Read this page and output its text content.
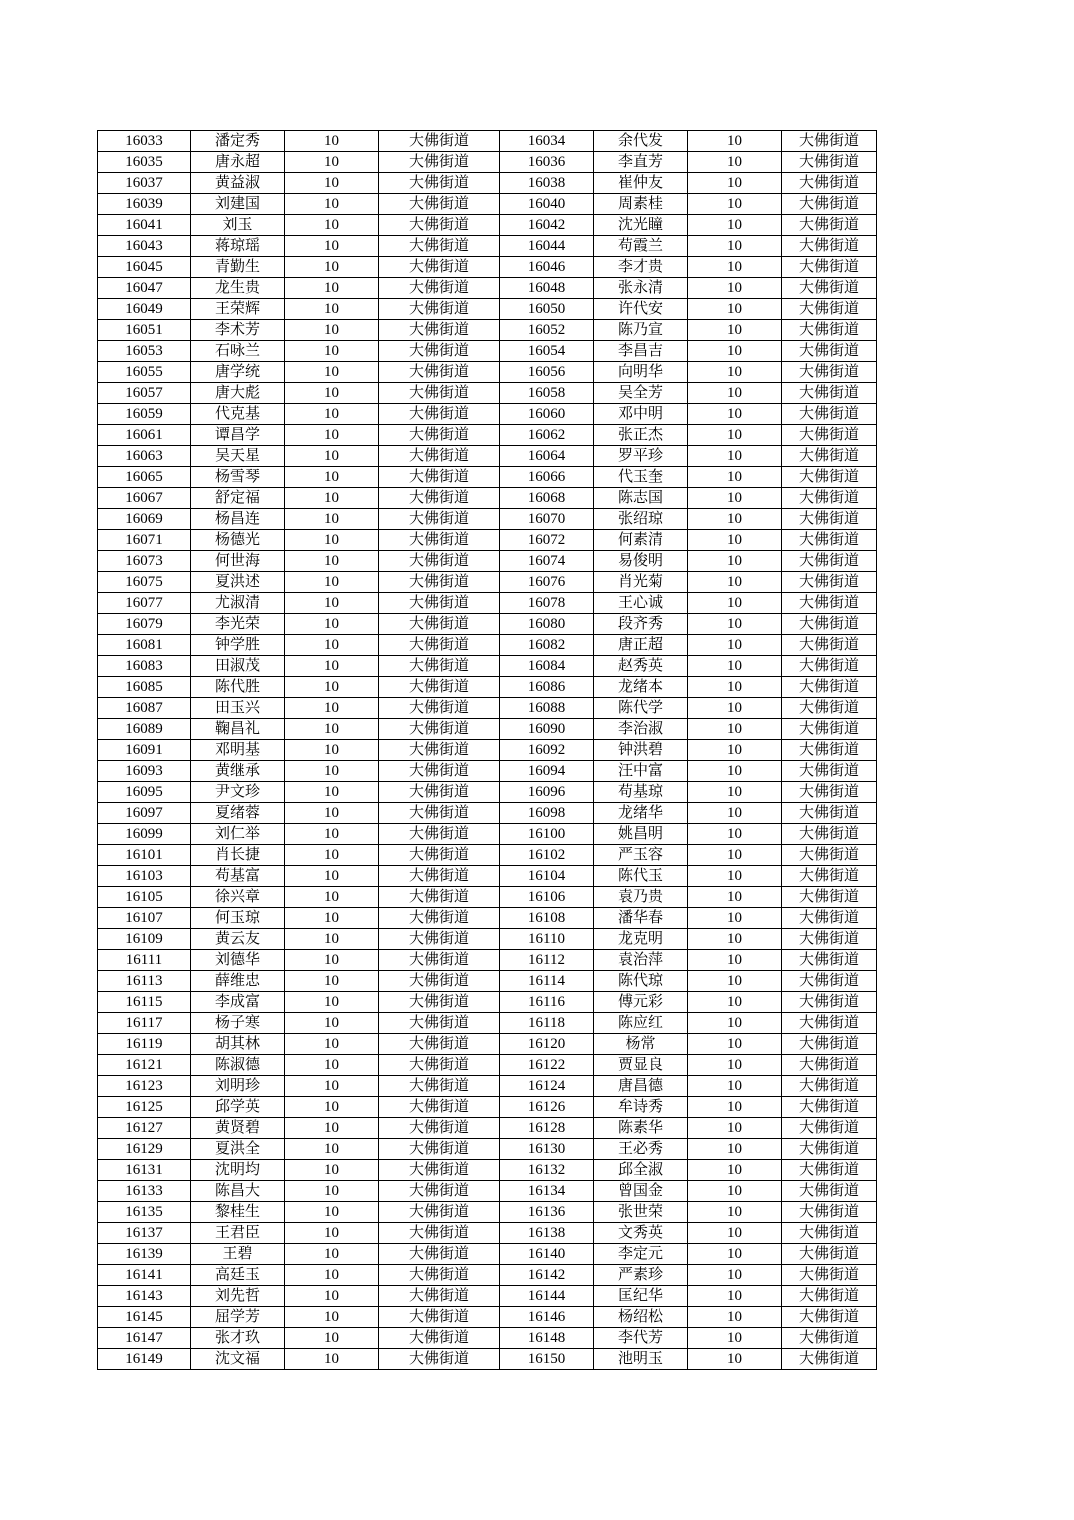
16033	潘定秀	10	大佛街道	16034	余代发	10	大佛街道
16035	唐永超	10	大佛街道	16036	李直芳	10	大佛街道
16037	黄益淑	10	大佛街道	16038	崔仲友	10	大佛街道
16039	刘建国	10	大佛街道	16040	周素桂	10	大佛街道
16041	刘玉	10	大佛街道	16042	沈光瞳	10	大佛街道
16043	蒋琼瑶	10	大佛街道	16044	苟霞兰	10	大佛街道
16045	青勤生	10	大佛街道	16046	李才贵	10	大佛街道
16047	龙生贵	10	大佛街道	16048	张永清	10	大佛街道
16049	王荣辉	10	大佛街道	16050	许代安	10	大佛街道
16051	李术芳	10	大佛街道	16052	陈乃宣	10	大佛街道
16053	石咏兰	10	大佛街道	16054	李昌吉	10	大佛街道
16055	唐学统	10	大佛街道	16056	向明华	10	大佛街道
16057	唐大彪	10	大佛街道	16058	吴全芳	10	大佛街道
16059	代克基	10	大佛街道	16060	邓中明	10	大佛街道
16061	谭昌学	10	大佛街道	16062	张正杰	10	大佛街道
16063	吴天星	10	大佛街道	16064	罗平珍	10	大佛街道
16065	杨雪琴	10	大佛街道	16066	代玉奎	10	大佛街道
16067	舒定福	10	大佛街道	16068	陈志国	10	大佛街道
16069	杨昌连	10	大佛街道	16070	张绍琼	10	大佛街道
16071	杨德光	10	大佛街道	16072	何素清	10	大佛街道
16073	何世海	10	大佛街道	16074	易俊明	10	大佛街道
16075	夏洪述	10	大佛街道	16076	肖光菊	10	大佛街道
16077	尤淑清	10	大佛街道	16078	王心诚	10	大佛街道
16079	李光荣	10	大佛街道	16080	段齐秀	10	大佛街道
16081	钟学胜	10	大佛街道	16082	唐正超	10	大佛街道
16083	田淑茂	10	大佛街道	16084	赵秀英	10	大佛街道
16085	陈代胜	10	大佛街道	16086	龙绪本	10	大佛街道
16087	田玉兴	10	大佛街道	16088	陈代学	10	大佛街道
16089	鞠昌礼	10	大佛街道	16090	李治淑	10	大佛街道
16091	邓明基	10	大佛街道	16092	钟洪碧	10	大佛街道
16093	黄继承	10	大佛街道	16094	汪中富	10	大佛街道
16095	尹文珍	10	大佛街道	16096	苟基琼	10	大佛街道
16097	夏绪蓉	10	大佛街道	16098	龙绪华	10	大佛街道
16099	刘仁举	10	大佛街道	16100	姚昌明	10	大佛街道
16101	肖长捷	10	大佛街道	16102	严玉容	10	大佛街道
16103	苟基富	10	大佛街道	16104	陈代玉	10	大佛街道
16105	徐兴章	10	大佛街道	16106	袁乃贵	10	大佛街道
16107	何玉琼	10	大佛街道	16108	潘华春	10	大佛街道
16109	黄云友	10	大佛街道	16110	龙克明	10	大佛街道
16111	刘德华	10	大佛街道	16112	袁治萍	10	大佛街道
16113	薛维忠	10	大佛街道	16114	陈代琼	10	大佛街道
16115	李成富	10	大佛街道	16116	傅元彩	10	大佛街道
16117	杨子寒	10	大佛街道	16118	陈应红	10	大佛街道
16119	胡其林	10	大佛街道	16120	杨常	10	大佛街道
16121	陈淑德	10	大佛街道	16122	贾显良	10	大佛街道
16123	刘明珍	10	大佛街道	16124	唐昌德	10	大佛街道
16125	邱学英	10	大佛街道	16126	牟诗秀	10	大佛街道
16127	黄贤碧	10	大佛街道	16128	陈素华	10	大佛街道
16129	夏洪全	10	大佛街道	16130	王必秀	10	大佛街道
16131	沈明均	10	大佛街道	16132	邱全淑	10	大佛街道
16133	陈昌大	10	大佛街道	16134	曾国金	10	大佛街道
16135	黎桂生	10	大佛街道	16136	张世荣	10	大佛街道
16137	王君臣	10	大佛街道	16138	文秀英	10	大佛街道
16139	王碧	10	大佛街道	16140	李定元	10	大佛街道
16141	高廷玉	10	大佛街道	16142	严素珍	10	大佛街道
16143	刘先哲	10	大佛街道	16144	匡纪华	10	大佛街道
16145	屈学芳	10	大佛街道	16146	杨绍松	10	大佛街道
16147	张才玖	10	大佛街道	16148	李代芳	10	大佛街道
16149	沈文福	10	大佛街道	16150	池明玉	10	大佛街道
